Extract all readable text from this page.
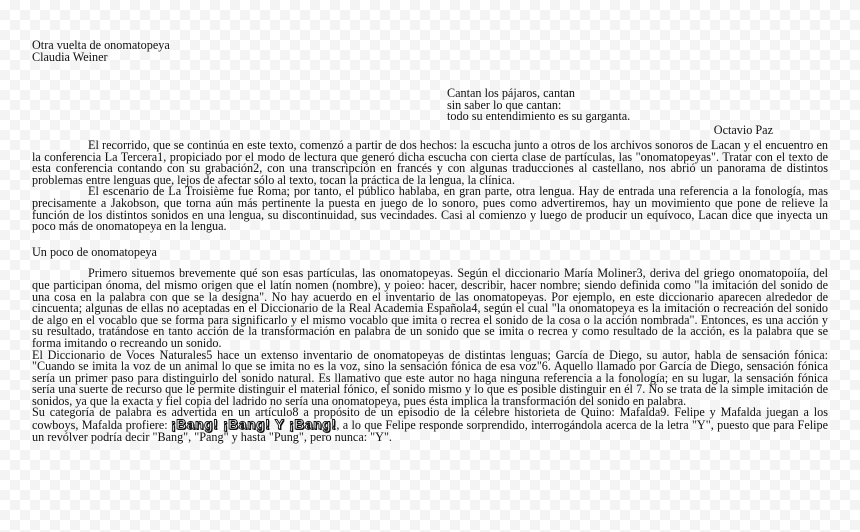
Otra vuelta de onomatopeya

Claudia Weiner

Cantan los pájaros, cantan

sin saber lo que cantan:

todo su entendimiento es su garganta.

Octavio Paz

El recorrido, que se continúa en este texto, comenzó a partir de dos hechos: la escucha junto a otros de los archivos sonoros de Lacan y el encuentro en la conferencia La Tercera1, propiciado por el modo de lectura que generó dicha escucha con cierta clase de partículas, las "onomatopeyas". Tratar con el texto de esta conferencia contando con su grabación2, con una transcripción en francés y con algunas traducciones al castellano, nos abrió un panorama de distintos problemas entre lenguas que, lejos de afectar sólo al texto, tocan la práctica de la lengua, la clínica.

El escenario de La Troisième fue Roma; por tanto, el público hablaba, en gran parte, otra lengua. Hay de entrada una referencia a la fonología, mas precisamente a Jakobson, que torna aún más pertinente la puesta en juego de lo sonoro, pues como advertiremos, hay un movimiento que pone de relieve la función de los distintos sonidos en una lengua, su discontinuidad, sus vecindades. Casi al comienzo y luego de producir un equívoco, Lacan dice que inyecta un poco más de onomatopeya en la lengua.

Un poco de onomatopeya

Primero situemos brevemente qué son esas partículas, las onomatopeyas. Según el diccionario María Moliner3, deriva del griego onomatopoiía, del que participan ónoma, del mismo origen que el latín nomen (nombre), y poieo: hacer, describir, hacer nombre; siendo definida como "la imitación del sonido de una cosa en la palabra con que se la designa". No hay acuerdo en el inventario de las onomatopeyas. Por ejemplo, en este diccionario aparecen alrededor de cincuenta; algunas de ellas no aceptadas en el Diccionario de la Real Academia Española4, según el cual "la onomatopeya es la imitación o recreación del sonido de algo en el vocablo que se forma para significarlo y el mismo vocablo que imita o recrea el sonido de la cosa o la acción nombrada". Entonces, es una acción y su resultado, tratándose en tanto acción de la transformación en palabra de un sonido que se imita o recrea y como resultado de la acción, es la palabra que se forma imitando o recreando un sonido.

El Diccionario de Voces Naturales5 hace un extenso inventario de onomatopeyas de distintas lenguas; García de Diego, su autor, habla de sensación fónica: "Cuando se imita la voz de un animal lo que se imita no es la voz, sino la sensación fónica de esa voz"6. Aquello llamado por García de Diego, sensación fónica sería un primer paso para distinguirlo del sonido natural. Es llamativo que este autor no haga ninguna referencia a la fonología; en su lugar, la sensación fónica sería una suerte de recurso que le permite distinguir el material fónico, el sonido mismo y lo que es posible distinguir en él 7. No se trata de la simple imitación de sonidos, ya que la exacta y fiel copia del ladrido no sería una onomatopeya, pues ésta implica la transformación del sonido en palabra.

Su categoría de palabra es advertida en un artículo8 a propósito de un episodio de la célebre historieta de Quino: Mafalda9. Felipe y Mafalda juegan a los cowboys, Mafalda profiere: ¡Bang! ¡Bang! Y ¡Bang!, a lo que Felipe responde sorprendido, interrogándola acerca de la letra "Y", puesto que para Felipe un revólver podría decir "Bang", "Pang" y hasta "Pung", pero nunca: "Y".
